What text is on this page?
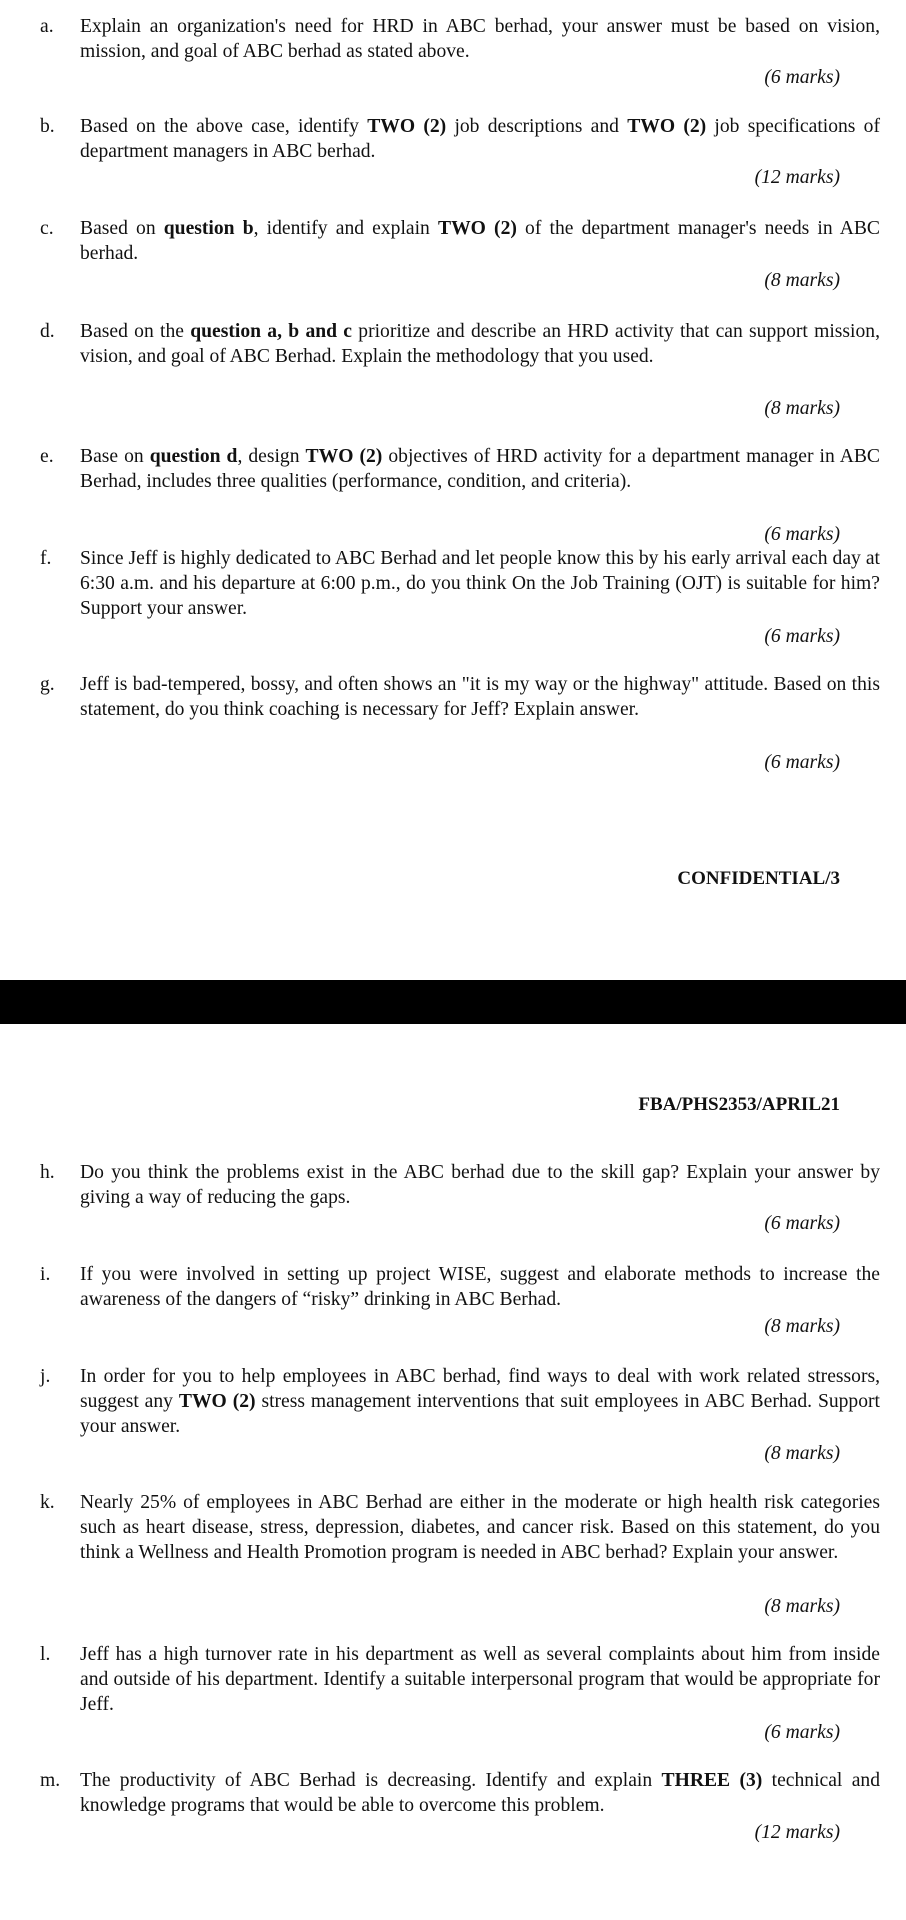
a.	Explain an organization's need for HRD in ABC berhad, your answer must be based on vision, mission, and goal of ABC berhad as stated above.
(6 marks)
b.	Based on the above case, identify TWO (2) job descriptions and TWO (2) job specifications of department managers in ABC berhad.
(12 marks)
c.	Based on question b, identify and explain TWO (2) of the department manager's needs in ABC berhad.
(8 marks)
d.	Based on the question a, b and c prioritize and describe an HRD activity that can support mission, vision, and goal of ABC Berhad. Explain the methodology that you used.
(8 marks)
e.	Base on question d, design TWO (2) objectives of HRD activity for a department manager in ABC Berhad, includes three qualities (performance, condition, and criteria).
(6 marks)
f.	Since Jeff is highly dedicated to ABC Berhad and let people know this by his early arrival each day at 6:30 a.m. and his departure at 6:00 p.m., do you think On the Job Training (OJT) is suitable for him? Support your answer.
(6 marks)
g.	Jeff is bad-tempered, bossy, and often shows an "it is my way or the highway" attitude. Based on this statement, do you think coaching is necessary for Jeff? Explain answer.
(6 marks)
CONFIDENTIAL/3
FBA/PHS2353/APRIL21
h.	Do you think the problems exist in the ABC berhad due to the skill gap? Explain your answer by giving a way of reducing the gaps.
(6 marks)
i.	If you were involved in setting up project WISE, suggest and elaborate methods to increase the awareness of the dangers of “risky” drinking in ABC Berhad.
(8 marks)
j.	In order for you to help employees in ABC berhad, find ways to deal with work related stressors, suggest any TWO (2) stress management interventions that suit employees in ABC Berhad. Support your answer.
(8 marks)
k.	Nearly 25% of employees in ABC Berhad are either in the moderate or high health risk categories such as heart disease, stress, depression, diabetes, and cancer risk. Based on this statement, do you think a Wellness and Health Promotion program is needed in ABC berhad? Explain your answer.
(8 marks)
l.	Jeff has a high turnover rate in his department as well as several complaints about him from inside and outside of his department. Identify a suitable interpersonal program that would be appropriate for Jeff.
(6 marks)
m.	The productivity of ABC Berhad is decreasing. Identify and explain THREE (3) technical and knowledge programs that would be able to overcome this problem.
(12 marks)
